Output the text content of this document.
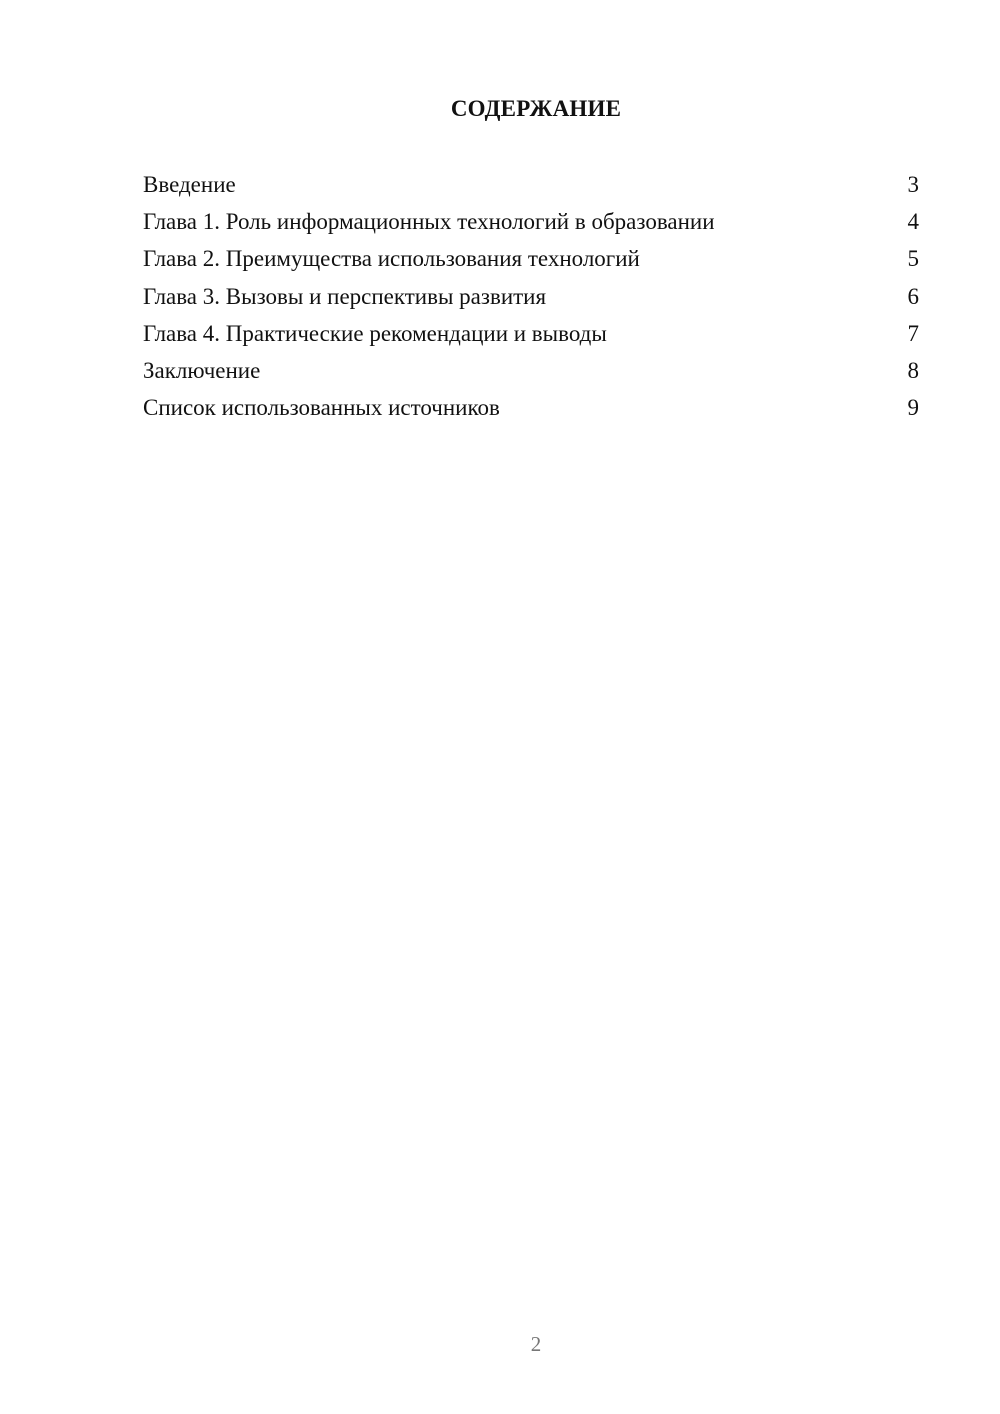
СОДЕРЖАНИЕ
Введение	3
Глава 1. Роль информационных технологий в образовании	4
Глава 2. Преимущества использования технологий	5
Глава 3. Вызовы и перспективы развития	6
Глава 4. Практические рекомендации и выводы	7
Заключение	8
Список использованных источников	9
2
